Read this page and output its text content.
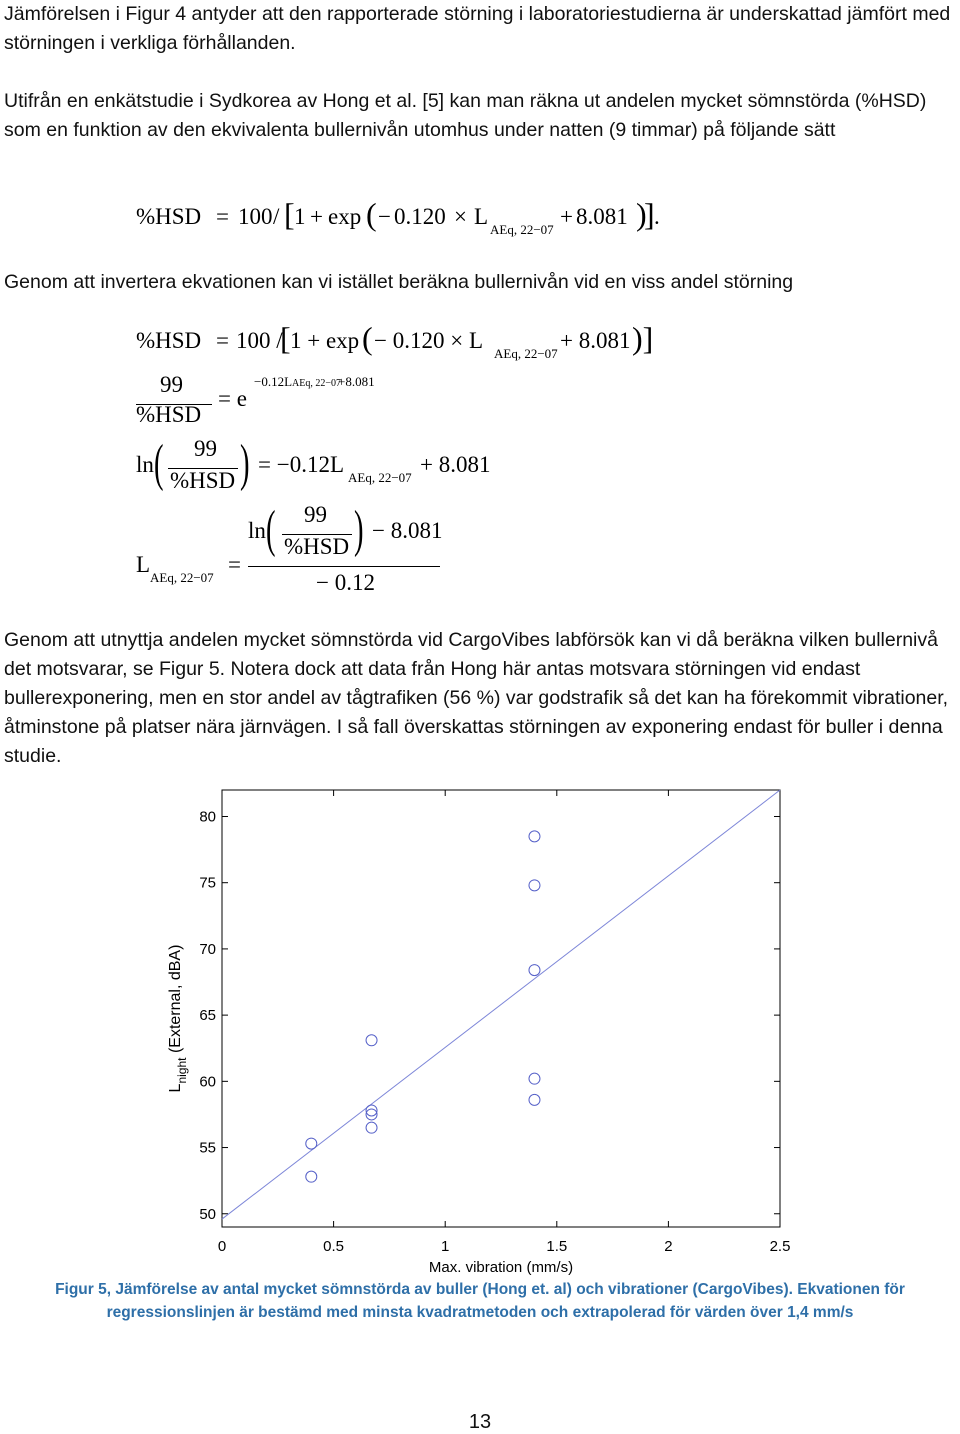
Jämförelsen i Figur 4 antyder att den rapporterade störning i laboratoriestudierna är underskattad jämfört med störningen i verkliga förhållanden.

Utifrån en enkätstudie i Sydkorea av Hong et al. [5] kan man räkna ut andelen mycket sömnstörda (%HSD) som en funktion av den ekvivalenta bullernivån utomhus under natten (9 timmar) på följande sätt

%HSD = 100 / 1 + exp −	L
AEq, 22−07
+ 8.081 .
[ (	)
]
0.120 ×

Genom att invertera ekvationen kan vi istället beräkna bullernivån vid en viss andel störning

%HSD = 100 /
[ 1 + exp ( − 0.120 × L
AEq, 22−07
+ 8.081 )]
99
%HSD
= e
−0.12L AEq, 22−07
+8.081
ln ( 99
%HSD ) = −0.12L
AEq, 22−07
+ 8.081
L
AEq, 22−07
=
ln ( 99
%HSD ) − 8.081
− 0.12

Genom att utnyttja andelen mycket sömnstörda vid CargoVibes labförsök kan vi då beräkna vilken bullernivå det motsvarar, se Figur 5. Notera dock att data från Hong här antas motsvara störningen vid endast bullerexponering, men en stor andel av tågtrafiken (56 %) var godstrafik så det kan ha förekommit vibrationer, åtminstone på platser nära järnvägen. I så fall överskattas störningen av exponering endast för buller i denna studie.

0	0.5	1	1.5	2	2.5
50
55
60
65
70
75
80
Max. vibration (mm/s)
$L_{night}$ (External, dBA)
Figur 5, Jämförelse av antal mycket sömnstörda av buller (Hong et. al) och vibrationer (CargoVibes). Ekvationen för regressionslinjen är bestämd med minsta kvadratmetoden och extrapolerad för värden över 1,4 mm/s
13
